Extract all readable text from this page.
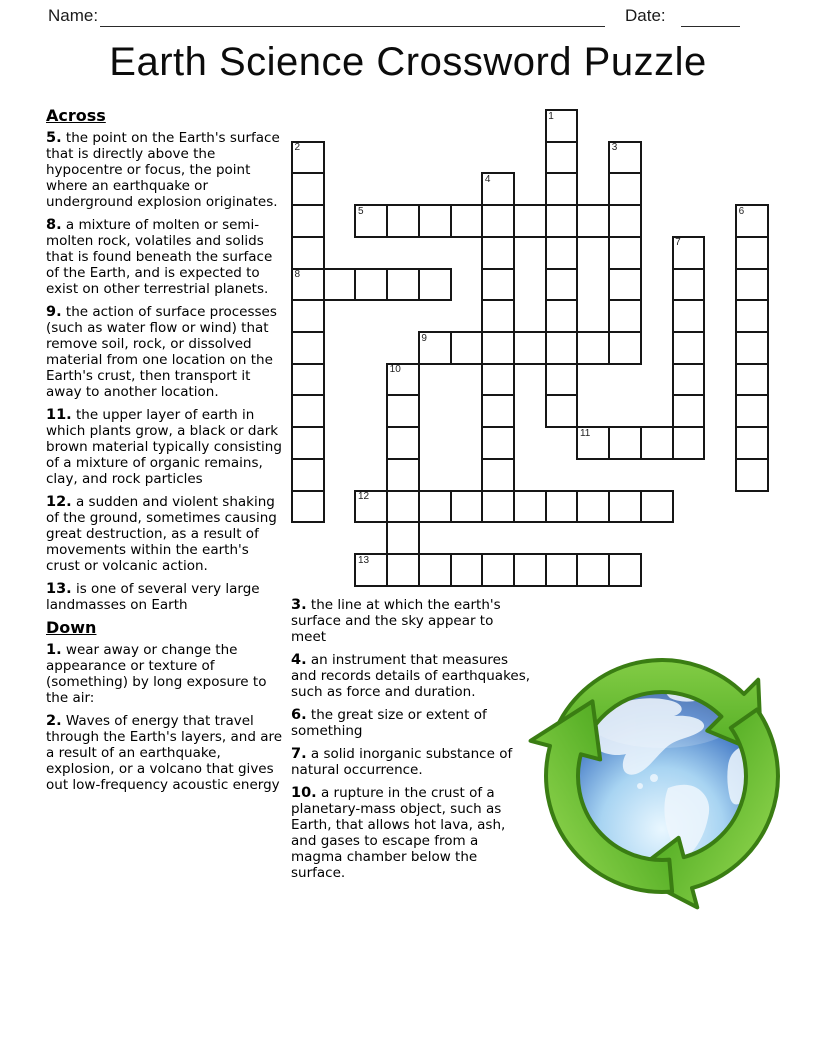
Name:	Date:
Earth Science Crossword Puzzle
1
2	3
4
5	6
7
8
9
10
11
12
13
Across
5. the point on the Earth's surface that is directly above the hypocentre or focus, the point where an earthquake or underground explosion originates.
8. a mixture of molten or semi-molten rock, volatiles and solids that is found beneath the surface of the Earth, and is expected to exist on other terrestrial planets.
9. the action of surface processes (such as water flow or wind) that remove soil, rock, or dissolved material from one location on the Earth's crust, then transport it away to another location.
11. the upper layer of earth in which plants grow, a black or dark brown material typically consisting of a mixture of organic remains, clay, and rock particles
12. a sudden and violent shaking of the ground, sometimes causing great destruction, as a result of movements within the earth's crust or volcanic action.
13. is one of several very large landmasses on Earth
Down
1. wear away or change the appearance or texture of (something) by long exposure to the air:
2. Waves of energy that travel through the Earth's layers, and are a result of an earthquake, explosion, or a volcano that gives out low-frequency acoustic energy
3. the line at which the earth's surface and the sky appear to meet
4. an instrument that measures and records details of earthquakes, such as force and duration.
6. the great size or extent of something
7. a solid inorganic substance of natural occurrence.
10. a rupture in the crust of a planetary-mass object, such as Earth, that allows hot lava, ash, and gases to escape from a magma chamber below the surface.
